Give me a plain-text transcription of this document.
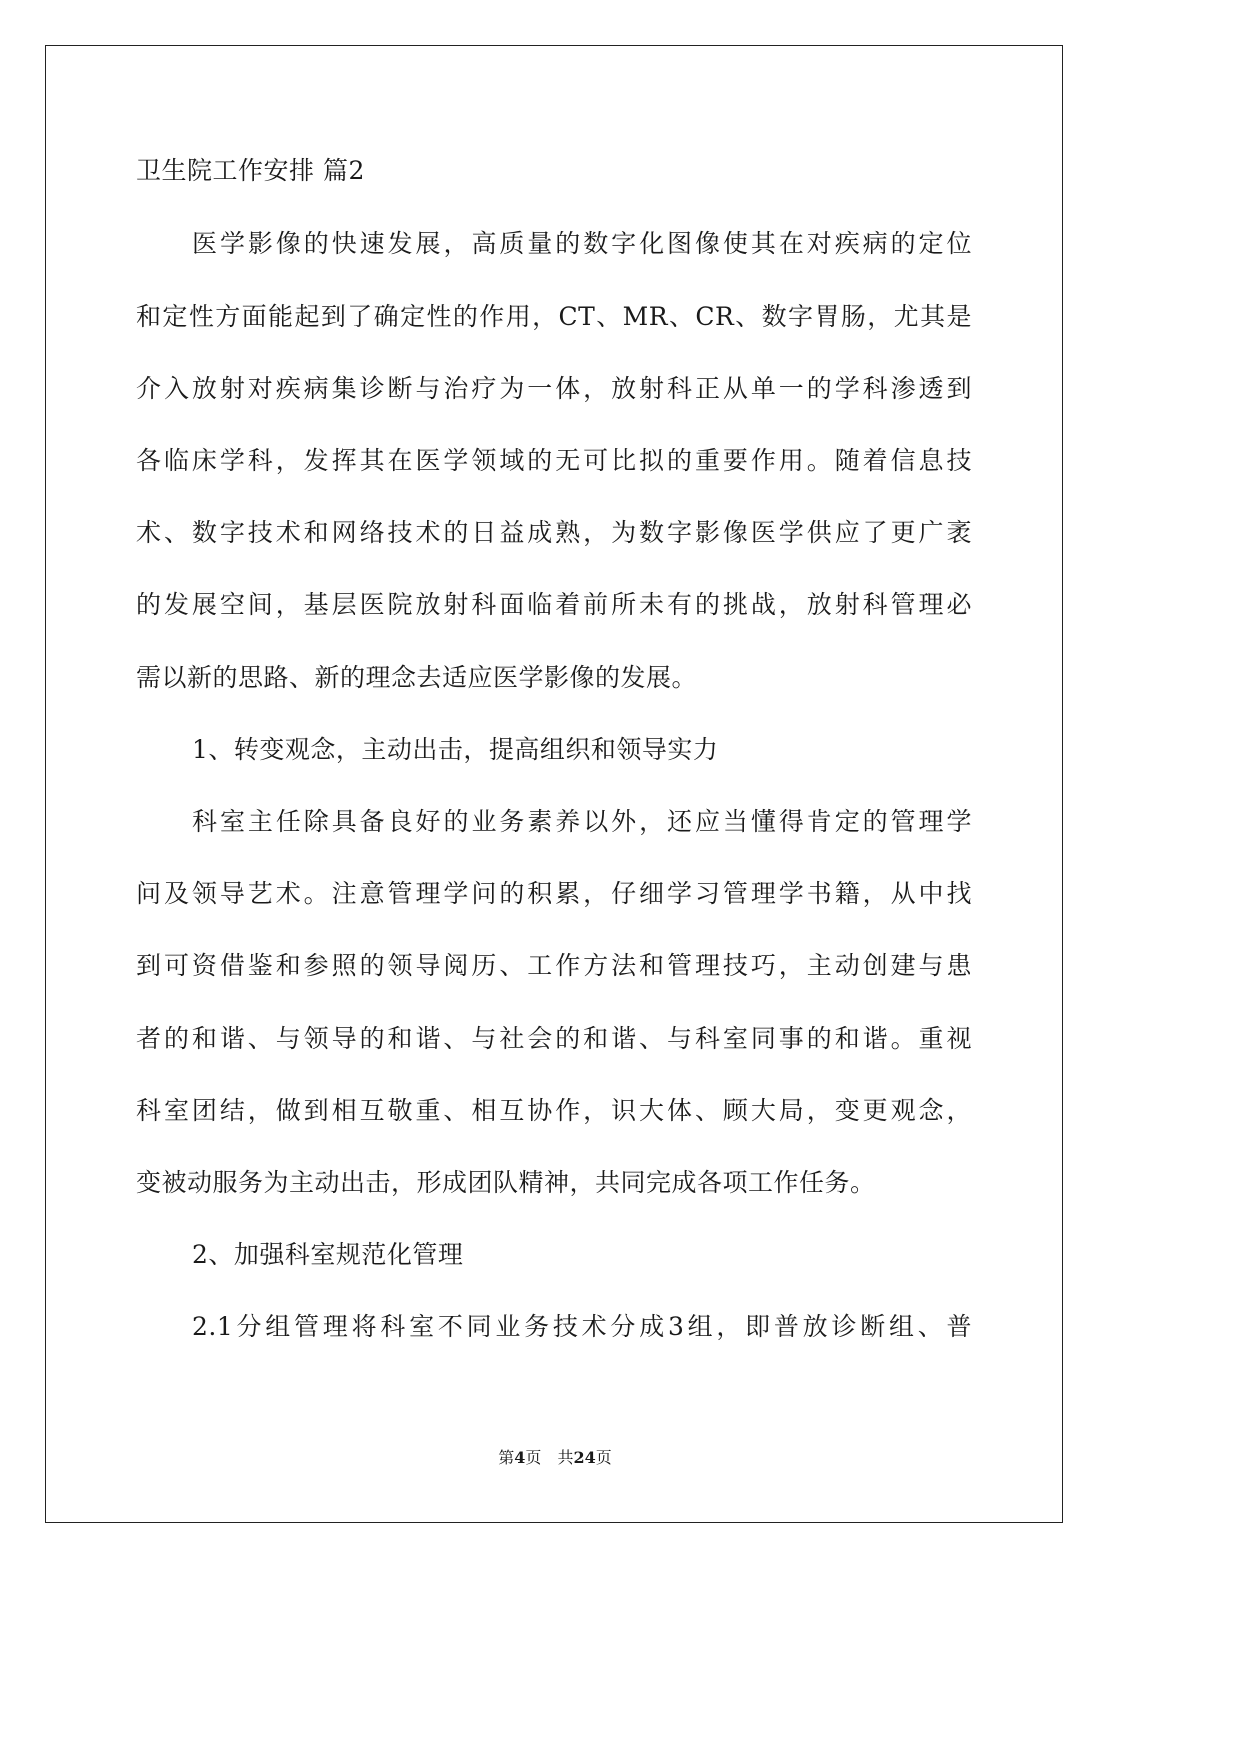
卫生院工作安排 篇2
医学影像的快速发展，高质量的数字化图像使其在对疾病的定位
和定性方面能起到了确定性的作用，CT、MR、CR、数字胃肠，尤其是
介入放射对疾病集诊断与治疗为一体，放射科正从单一的学科渗透到
各临床学科，发挥其在医学领域的无可比拟的重要作用。随着信息技
术、数字技术和网络技术的日益成熟，为数字影像医学供应了更广袤
的发展空间，基层医院放射科面临着前所未有的挑战，放射科管理必
需以新的思路、新的理念去适应医学影像的发展。
1、转变观念，主动出击，提高组织和领导实力
科室主任除具备良好的业务素养以外，还应当懂得肯定的管理学
问及领导艺术。注意管理学问的积累，仔细学习管理学书籍，从中找
到可资借鉴和参照的领导阅历、工作方法和管理技巧，主动创建与患
者的和谐、与领导的和谐、与社会的和谐、与科室同事的和谐。重视
科室团结，做到相互敬重、相互协作，识大体、顾大局，变更观念，
变被动服务为主动出击，形成团队精神，共同完成各项工作任务。
2、加强科室规范化管理
2.1分组管理将科室不同业务技术分成3组，即普放诊断组、普
第4页 共24页
